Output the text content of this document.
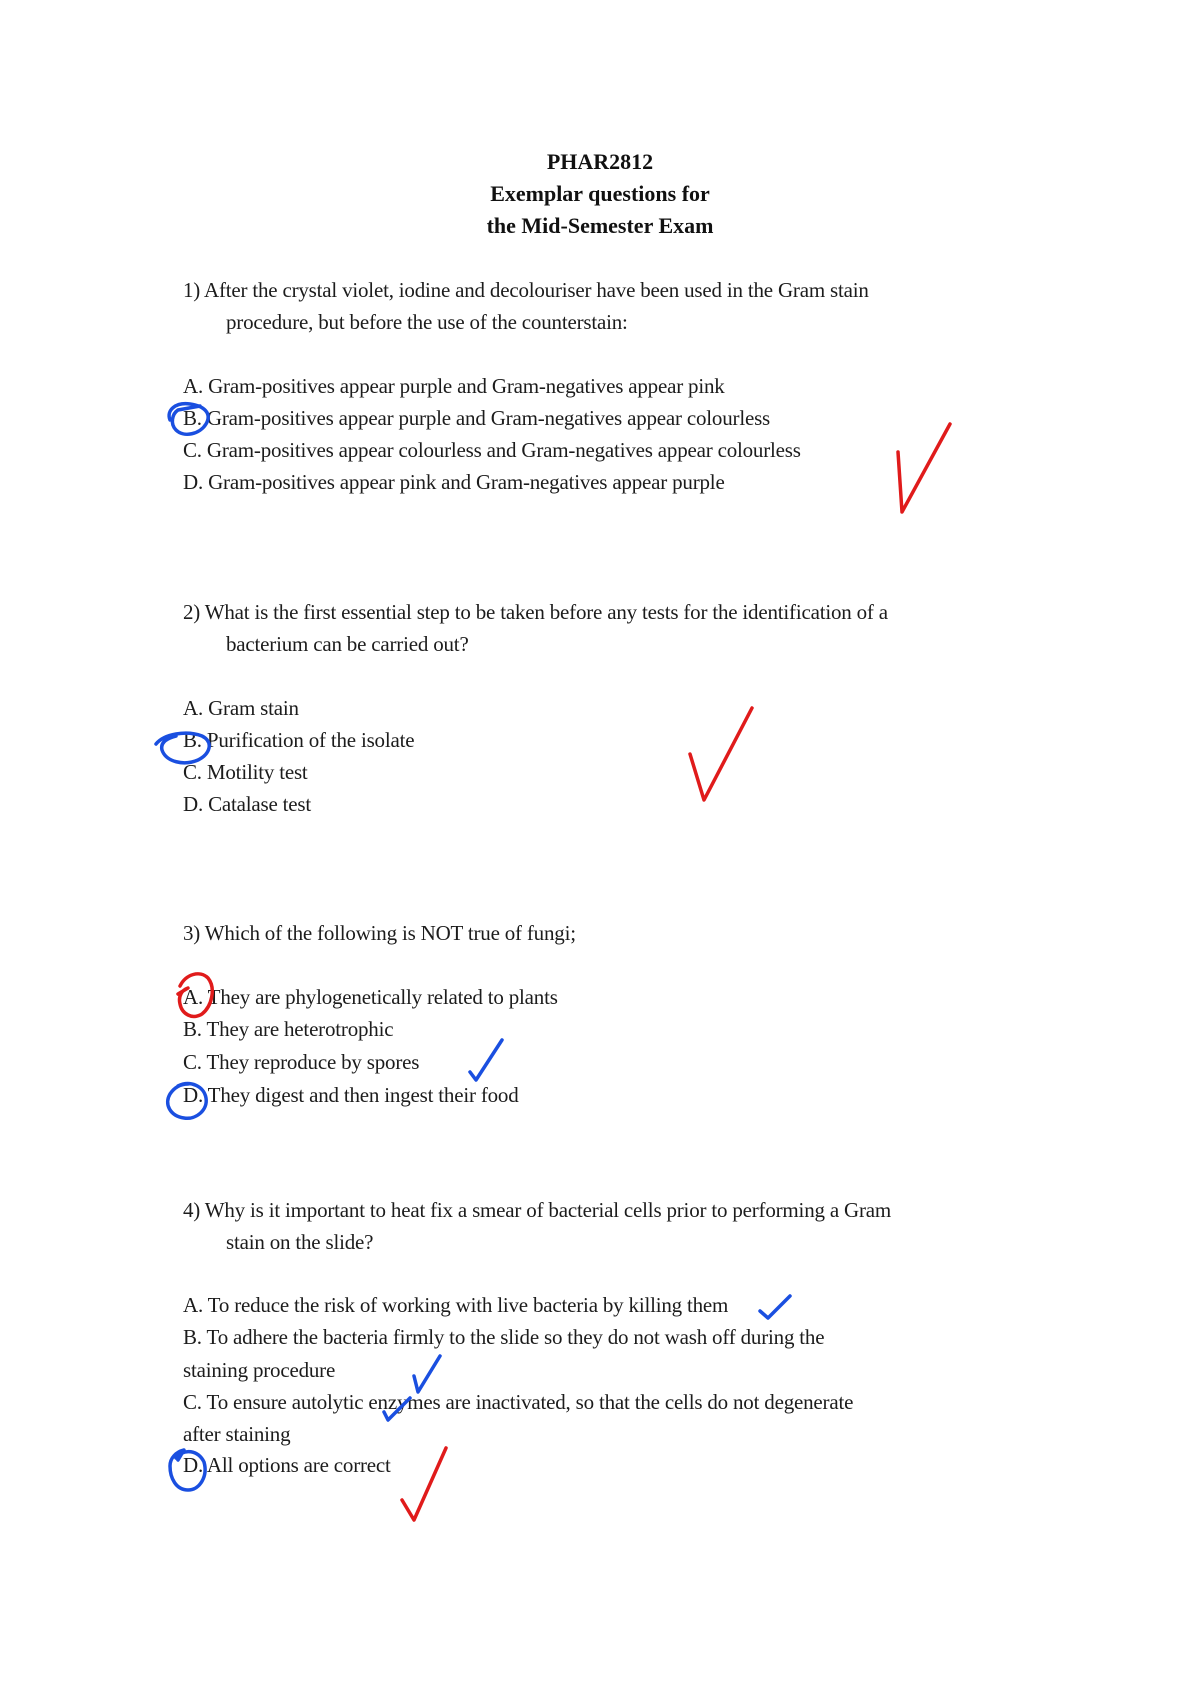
PHAR2812
Exemplar questions for
the Mid-Semester Exam
1) After the crystal violet, iodine and decolouriser have been used in the Gram stain
procedure, but before the use of the counterstain:
A. Gram-positives appear purple and Gram-negatives appear pink
B. Gram-positives appear purple and Gram-negatives appear colourless
C. Gram-positives appear colourless and Gram-negatives appear colourless
D. Gram-positives appear pink and Gram-negatives appear purple
2) What is the first essential step to be taken before any tests for the identification of a
bacterium can be carried out?
A. Gram stain
B. Purification of the isolate
C. Motility test
D. Catalase test
3) Which of the following is NOT true of fungi;
A. They are phylogenetically related to plants
B. They are heterotrophic
C. They reproduce by spores
D. They digest and then ingest their food
4) Why is it important to heat fix a smear of bacterial cells prior to performing a Gram
stain on the slide?
A. To reduce the risk of working with live bacteria by killing them
B. To adhere the bacteria firmly to the slide so they do not wash off during the
staining procedure
C. To ensure autolytic enzymes are inactivated, so that the cells do not degenerate
after staining
D. All options are correct
